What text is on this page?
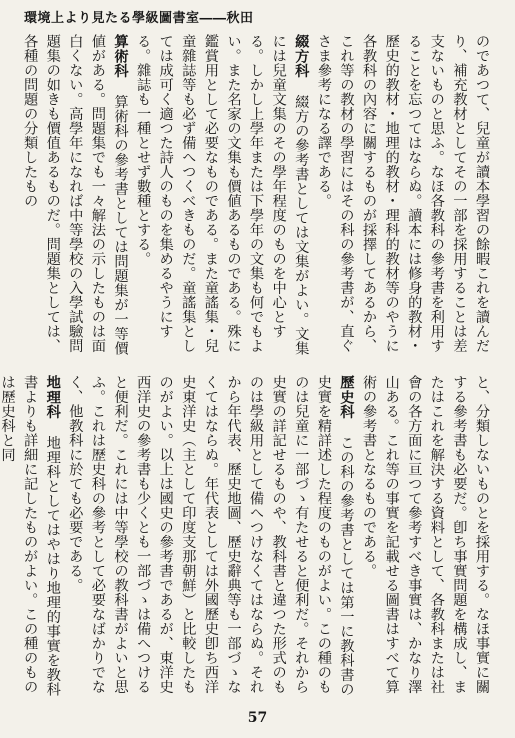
環境上より見たる學級圖書室――秋田
のであつて、兒童が讀本學習の餘暇これを讀んだり、補充教材としてその一部を採用することは差支ないものと思ふ。なほ各教科の參考書を利用することを忘つてはならぬ。讀本には修身的教材・歷史的教材・地理的教材・理科的教材等のやうに各教科の內容に關するものが採擇してあるから、これ等の教材の學習にはその科の參考書が、直ぐさま參考になる譯である。
綴方科 綴方の參考書としては文集がよい。文集には兒童文集のその學年程度のものを中心とする。しかし上學年または下學年の文集も何でもよい。また名家の文集も價値あるものである。殊に鑑賞用として必要なものである。また童謠集・兒童雜誌等も必ず備へつくべきものだ。童謠集としては成可く適つた詩人のものを集めるやうにする。雜誌も一種とせず數種とする。
算術科 算術科の參考書としては問題集が一等價値がある。問題集でも一々解法の示したものは面白くない。高學年になれば中等學校の入學試驗問題集の如きも價值あるものだ。問題集としては、各種の問題の分類したもの
と、分類しないものとを採用する。なほ事實に關する參考書も必要だ。卽ち事實問題を構成し、またはこれを解決する資料として、各教科または社會の各方面に亘つて參考すべき事實は、かなり澤山ある。これ等の事實を記載せる圖書はすべて算術の參考書となるものである。
歷史科 この科の參考書としては第一に教科書の史實を精詳述した程度のものがよい。この種のものは兒童に一部づゝ有たせると便利だ。それから史實の詳記せるものや、教科書と違つた形式のものは學級用として備へつけなくてはならぬ。それから年代表、歷史地圖、歷史辭典等も一部づゝなくてはならぬ。年代表としては外國歷史卽ち西洋史東洋史（主として印度支那朝鮮）と比較したものがよい。以上は國史の參考書であるが、東洋史西洋史の參考書も少くとも一部づゝは備へつけると便利だ。これには中等學校の教科書がよいと思ふ。これは歷史科の參考として必要なばかりでなく、他教科に於ても必要である。
地理科 地理科としてはやはり地理的事實を教科書よりも詳細に記したものがよい。この種のものは歷史科と同
57
